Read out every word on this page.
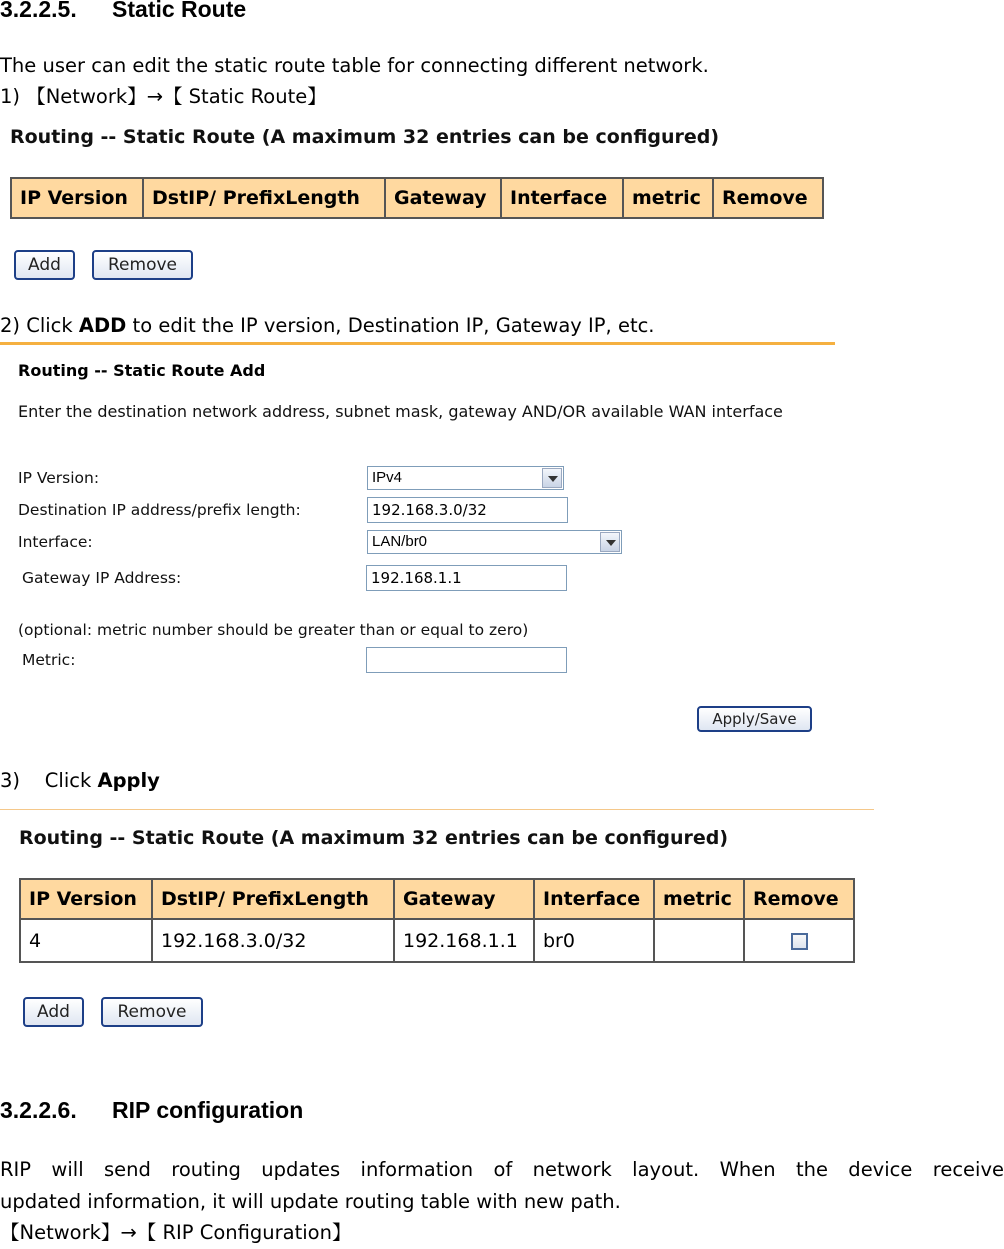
3.2.2.5. Static Route
The user can edit the static route table for connecting different network.
1) 【Network】→【 Static Route】
Routing -- Static Route (A maximum 32 entries can be configured)
IP Version	DstIP/ PrefixLength	Gateway	Interface	metric	Remove
Add	Remove
2) Click ADD to edit the IP version, Destination IP, Gateway IP, etc.
Routing -- Static Route Add
Enter the destination network address, subnet mask, gateway AND/OR available WAN interface
IP Version:	IPv4
Destination IP address/prefix length:	192.168.3.0/32
Interface:	LAN/br0
Gateway IP Address:	192.168.1.1
(optional: metric number should be greater than or equal to zero)
Metric:
Apply/Save
3)    Click Apply
Routing -- Static Route (A maximum 32 entries can be configured)
IP Version	DstIP/ PrefixLength	Gateway	Interface	metric	Remove
4	192.168.3.0/32	192.168.1.1	br0		
Add	Remove
3.2.2.6. RIP configuration
RIP will send routing updates information of network layout. When the device receive
updated information, it will update routing table with new path.
【Network】→【 RIP Configuration】
